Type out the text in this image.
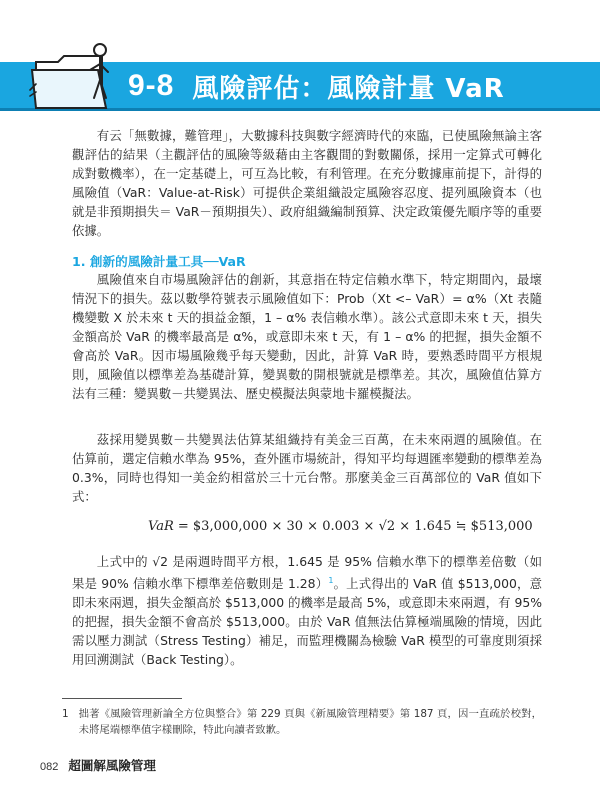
9-8 風險評估：風險計量 VaR

有云「無數據，難管理」，大數據科技與數字經濟時代的來臨，已使風險無論主客觀評估的結果（主觀評估的風險等級藉由主客觀間的對數關係，採用一定算式可轉化成對數機率），在一定基礎上，可互為比較，有利管理。在充分數據庫前提下，計得的風險值（VaR：Value-at-Risk）可提供企業組織設定風險容忍度、提列風險資本（也就是非預期損失＝ VaR－預期損失）、政府組織編制預算、決定政策優先順序等的重要依據。

1. 創新的風險計量工具──VaR

風險值來自市場風險評估的創新，其意指在特定信賴水準下，特定期間內，最壞情況下的損失。茲以數學符號表示風險值如下：Prob（Xt <– VaR）= α%（Xt 表隨機變數 X 於未來 t 天的損益金額，1 – α% 表信賴水準）。該公式意即未來 t 天，損失金額高於 VaR 的機率最高是 α%，或意即未來 t 天，有 1 – α% 的把握，損失金額不會高於 VaR。因市場風險幾乎每天變動，因此，計算 VaR 時，要熟悉時間平方根規則，風險值以標準差為基礎計算，變異數的開根號就是標準差。其次，風險值估算方法有三種：變異數－共變異法、歷史模擬法與蒙地卡羅模擬法。

茲採用變異數－共變異法估算某組織持有美金三百萬，在未來兩週的風險值。在估算前，選定信賴水準為 95%，查外匯市場統計，得知平均每週匯率變動的標準差為 0.3%，同時也得知一美金約相當於三十元台幣。那麼美金三百萬部位的 VaR 值如下式：

VaR = $3,000,000 × 30 × 0.003 × √2 × 1.645 ≒ $513,000

上式中的 √2 是兩週時間平方根，1.645 是 95% 信賴水準下的標準差倍數（如果是 90% 信賴水準下標準差倍數則是 1.28）$^1$。上式得出的 VaR 值 $513,000，意即未來兩週，損失金額高於 $513,000 的機率是最高 5%，或意即未來兩週，有 95% 的把握，損失金額不會高於 $513,000。由於 VaR 值無法估算極端風險的情境，因此需以壓力測試（Stress Testing）補足，而監理機關為檢驗 VaR 模型的可靠度則須採用回溯測試（Back Testing）。

1 拙著《風險管理新論全方位與整合》第 229 頁與《新風險管理精要》第 187 頁，因一直疏於校對，未將尾端標準值字樣刪除，特此向讀者致歉。
082 超圖解風險管理
